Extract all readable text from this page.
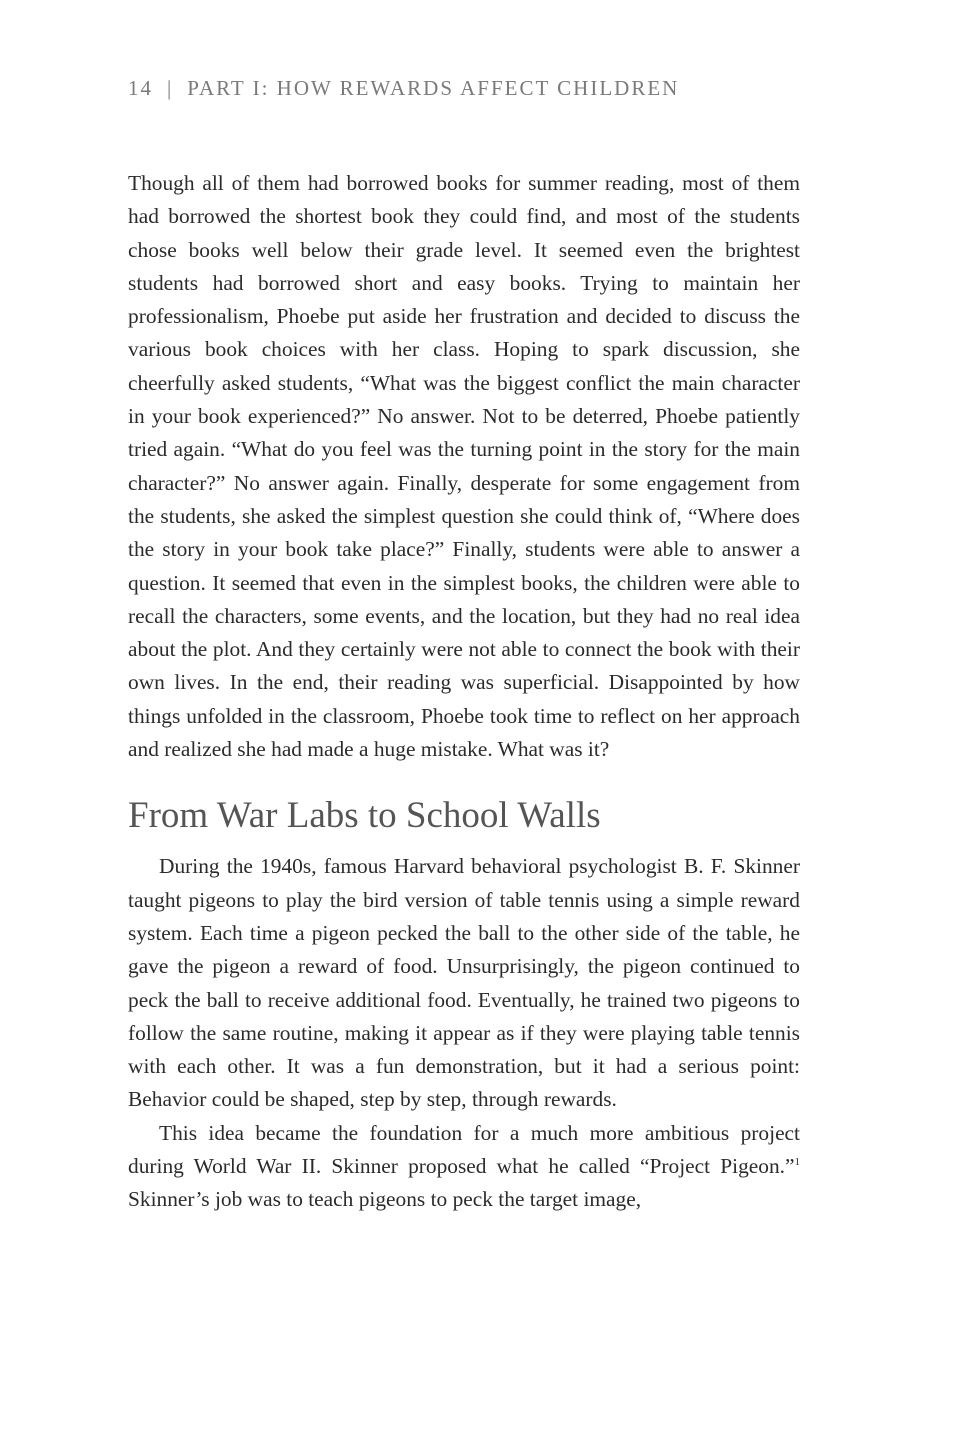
14 | PART I: HOW REWARDS AFFECT CHILDREN

Though all of them had borrowed books for summer reading, most of them had borrowed the shortest book they could find, and most of the students chose books well below their grade level. It seemed even the brightest students had borrowed short and easy books. Trying to maintain her professionalism, Phoebe put aside her frustration and decided to discuss the various book choices with her class. Hoping to spark discussion, she cheerfully asked students, “What was the biggest conflict the main character in your book experienced?” No answer. Not to be deterred, Phoebe patiently tried again. “What do you feel was the turning point in the story for the main character?” No answer again. Finally, desperate for some engagement from the students, she asked the simplest question she could think of, “Where does the story in your book take place?” Finally, students were able to answer a question. It seemed that even in the simplest books, the children were able to recall the characters, some events, and the location, but they had no real idea about the plot. And they certainly were not able to connect the book with their own lives. In the end, their reading was superficial. Disappointed by how things unfolded in the classroom, Phoebe took time to reflect on her approach and realized she had made a huge mistake. What was it?

From War Labs to School Walls

During the 1940s, famous Harvard behavioral psychologist B. F. Skinner taught pigeons to play the bird version of table tennis using a simple reward system. Each time a pigeon pecked the ball to the other side of the table, he gave the pigeon a reward of food. Unsurprisingly, the pigeon continued to peck the ball to receive additional food. Eventually, he trained two pigeons to follow the same routine, making it appear as if they were playing table tennis with each other. It was a fun demonstration, but it had a serious point: Behavior could be shaped, step by step, through rewards.

This idea became the foundation for a much more ambitious project during World War II. Skinner proposed what he called “Project Pigeon.”$^1$ Skinner’s job was to teach pigeons to peck the target image,
